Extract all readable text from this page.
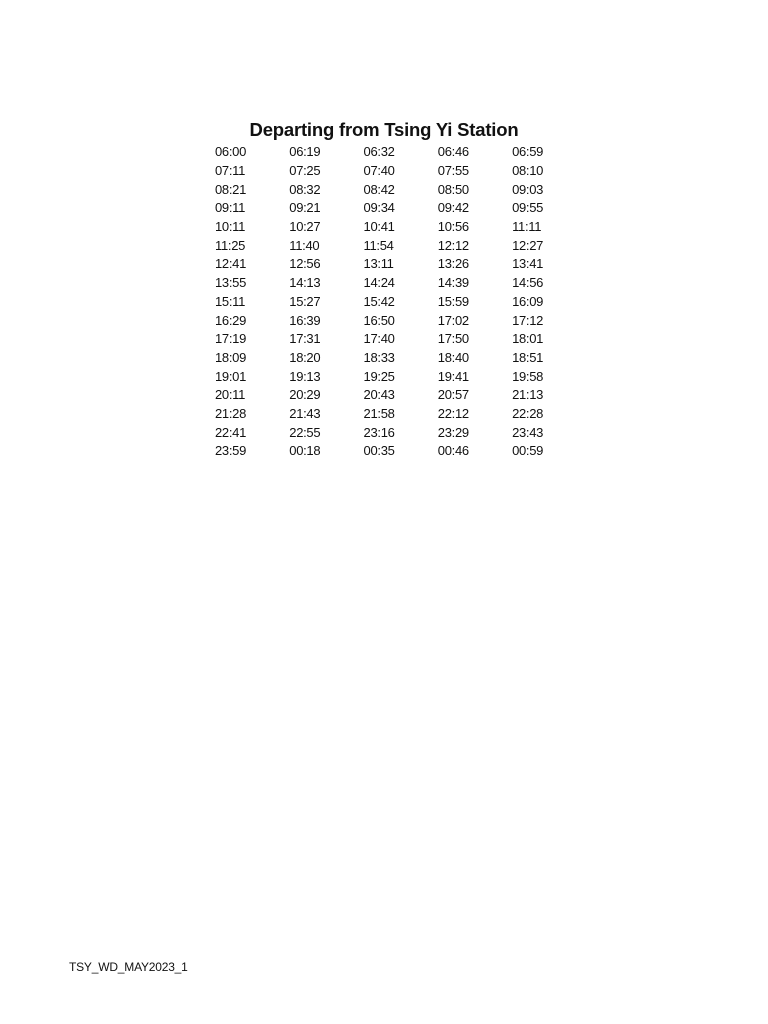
Departing from Tsing Yi Station
06:00	06:19	06:32	06:46	06:59
07:11	07:25	07:40	07:55	08:10
08:21	08:32	08:42	08:50	09:03
09:11	09:21	09:34	09:42	09:55
10:11	10:27	10:41	10:56	11:11
11:25	11:40	11:54	12:12	12:27
12:41	12:56	13:11	13:26	13:41
13:55	14:13	14:24	14:39	14:56
15:11	15:27	15:42	15:59	16:09
16:29	16:39	16:50	17:02	17:12
17:19	17:31	17:40	17:50	18:01
18:09	18:20	18:33	18:40	18:51
19:01	19:13	19:25	19:41	19:58
20:11	20:29	20:43	20:57	21:13
21:28	21:43	21:58	22:12	22:28
22:41	22:55	23:16	23:29	23:43
23:59	00:18	00:35	00:46	00:59
TSY_WD_MAY2023_1
